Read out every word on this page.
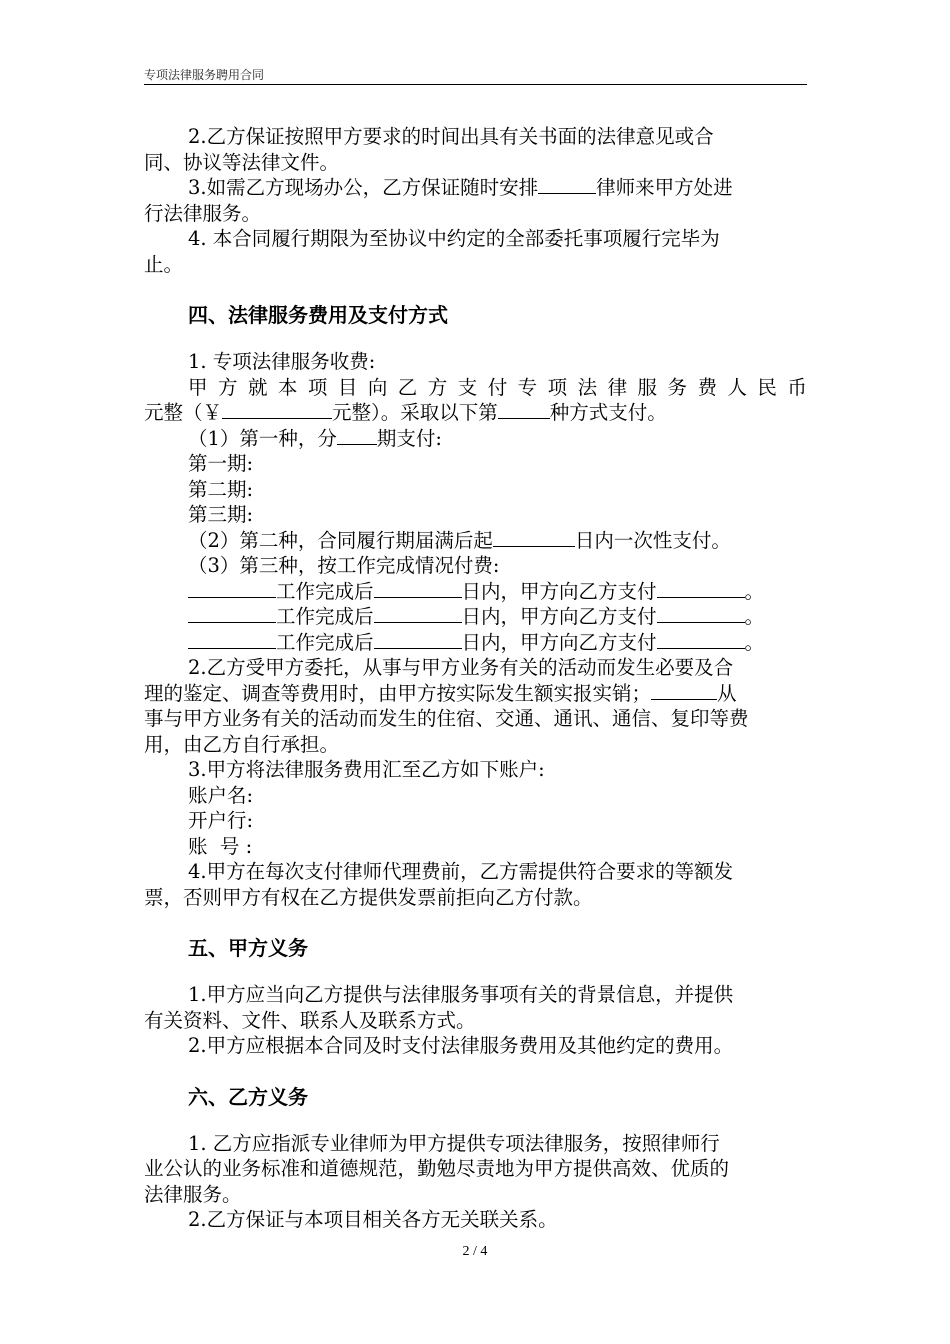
专项法律服务聘用合同

2.乙方保证按照甲方要求的时间出具有关书面的法律意见或合

同、协议等法律文件。

3.如需乙方现场办公，乙方保证随时安排	律师来甲方处进

行法律服务。

4. 本合同履行期限为至协议中约定的全部委托事项履行完毕为

止。

四、法律服务费用及支付方式

1. 专项法律服务收费:

甲 方 就 本 项 目 向 乙 方 支 付 专 项 法 律 服 务 费 人 民 币

元整（￥	元整）。采取以下第	种方式支付。

（1）第一种，分 期支付:

第一期:

第二期:

第三期:

（2）第二种，合同履行期届满后起	日内一次性支付。

（3）第三种，按工作完成情况付费:

工作完成后	日内，甲方向乙方支付	。

工作完成后	日内，甲方向乙方支付	。

工作完成后	日内，甲方向乙方支付	。

2.乙方受甲方委托，从事与甲方业务有关的活动而发生必要及合

理的鉴定、调查等费用时，由甲方按实际发生额实报实销；	从

事与甲方业务有关的活动而发生的住宿、交通、通讯、通信、复印等费

用，由乙方自行承担。

3.甲方将法律服务费用汇至乙方如下账户:

账户名:

开户行:

账  号 :

4.甲方在每次支付律师代理费前，乙方需提供符合要求的等额发

票，否则甲方有权在乙方提供发票前拒向乙方付款。

五、甲方义务

1.甲方应当向乙方提供与法律服务事项有关的背景信息，并提供

有关资料、文件、联系人及联系方式。

2.甲方应根据本合同及时支付法律服务费用及其他约定的费用。

六、乙方义务

1. 乙方应指派专业律师为甲方提供专项法律服务，按照律师行

业公认的业务标准和道德规范，勤勉尽责地为甲方提供高效、优质的

法律服务。

2.乙方保证与本项目相关各方无关联关系。

2 / 4
